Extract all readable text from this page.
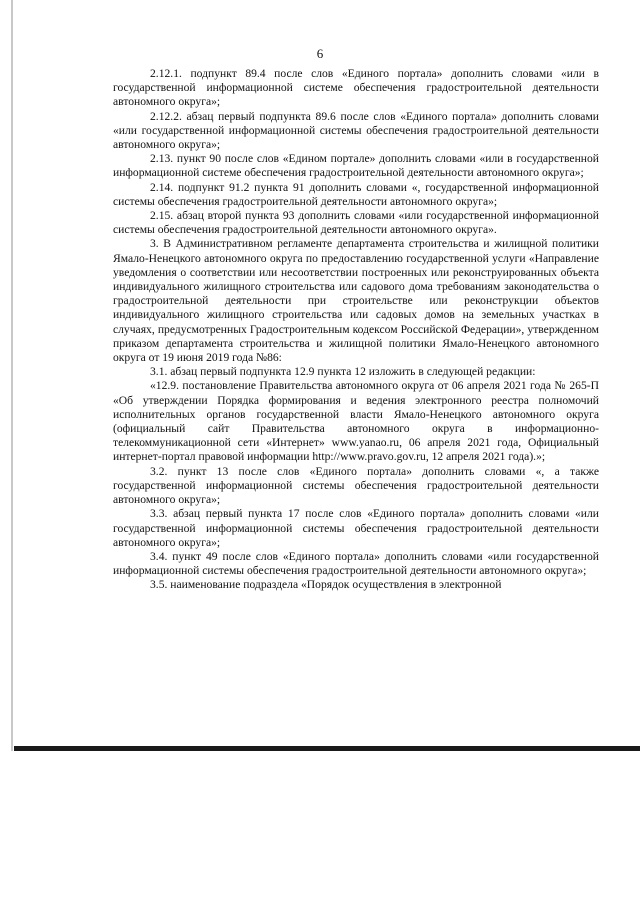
6

2.12.1. подпункт 89.4 после слов «Единого портала» дополнить словами «или в государственной информационной системе обеспечения градостроительной деятельности автономного округа»;

2.12.2. абзац первый подпункта 89.6 после слов «Единого портала» дополнить словами «или государственной информационной системы обеспечения градостроительной деятельности автономного округа»;

2.13. пункт 90 после слов «Едином портале» дополнить словами «или в государственной информационной системе обеспечения градостроительной деятельности автономного округа»;

2.14. подпункт 91.2 пункта 91 дополнить словами «, государственной информационной системы обеспечения градостроительной деятельности автономного округа»;

2.15. абзац второй пункта 93 дополнить словами «или государственной информационной системы обеспечения градостроительной деятельности автономного округа».

3. В Административном регламенте департамента строительства и жилищной политики Ямало-Ненецкого автономного округа по предоставлению государственной услуги «Направление уведомления о соответствии или несоответствии построенных или реконструированных объекта индивидуального жилищного строительства или садового дома требованиям законодательства о градостроительной деятельности при строительстве или реконструкции объектов индивидуального жилищного строительства или садовых домов на земельных участках в случаях, предусмотренных Градостроительным кодексом Российской Федерации», утвержденном приказом департамента строительства и жилищной политики Ямало-Ненецкого автономного округа от 19 июня 2019 года №86:

3.1. абзац первый подпункта 12.9 пункта 12 изложить в следующей редакции:

«12.9. постановление Правительства автономного округа от 06 апреля 2021 года № 265-П «Об утверждении Порядка формирования и ведения электронного реестра полномочий исполнительных органов государственной власти Ямало-Ненецкого автономного округа (официальный сайт Правительства автономного округа в информационно-телекоммуникационной сети «Интернет» www.yanao.ru, 06 апреля 2021 года, Официальный интернет-портал правовой информации http://www.pravo.gov.ru, 12 апреля 2021 года).»;

3.2. пункт 13 после слов «Единого портала» дополнить словами «, а также государственной информационной системы обеспечения градостроительной деятельности автономного округа»;

3.3. абзац первый пункта 17 после слов «Единого портала» дополнить словами «или государственной информационной системы обеспечения градостроительной деятельности автономного округа»;

3.4. пункт 49 после слов «Единого портала» дополнить словами «или государственной информационной системы обеспечения градостроительной деятельности автономного округа»;

3.5. наименование подраздела «Порядок осуществления в электронной
